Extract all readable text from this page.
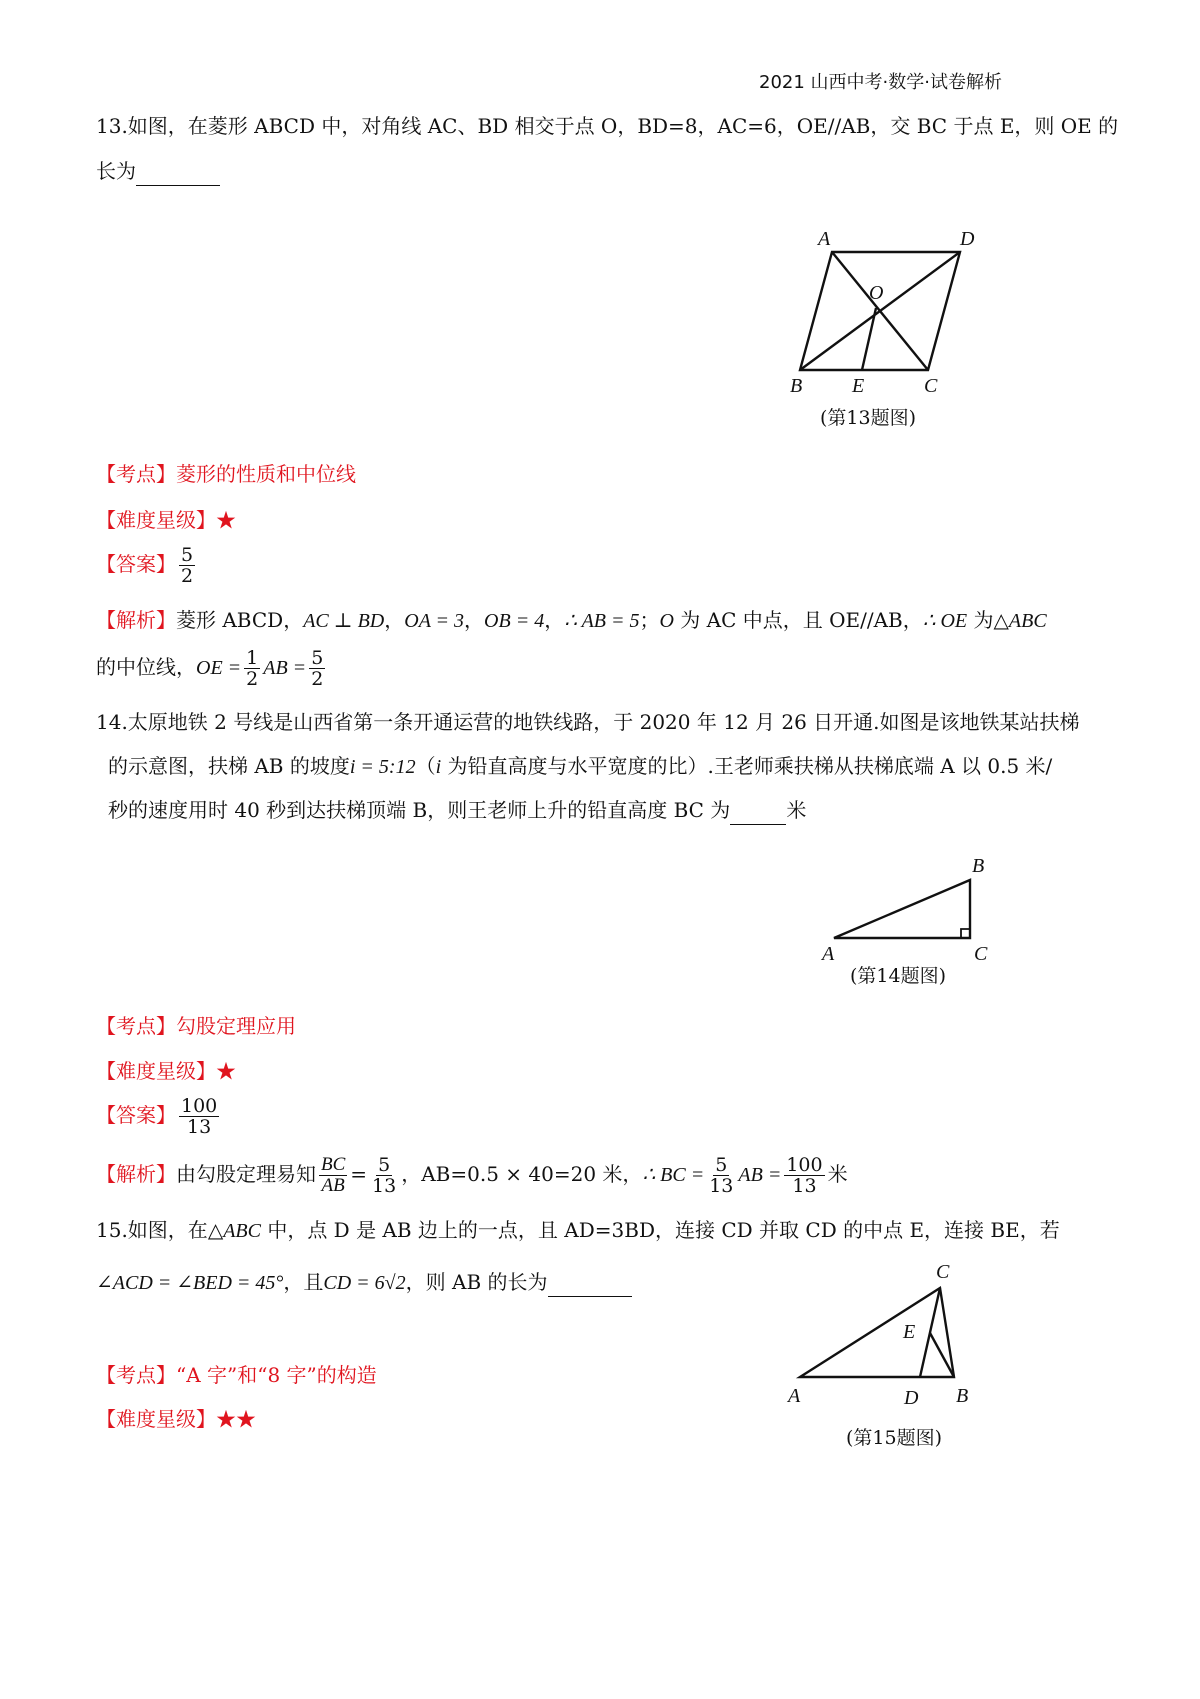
2021 山西中考·数学·试卷解析
13.如图，在菱形 ABCD 中，对角线 AC、BD 相交于点 O，BD=8，AC=6，OE//AB，交 BC 于点 E，则 OE 的
长为
A	D
O
B E	C
(第13题图)
【考点】菱形的性质和中位线
【难度星级】★
【答案】 $\frac{5}{2}$
【解析】菱形 ABCD，AC ⊥ BD，OA = 3，OB = 4，∴ AB = 5；O 为 AC 中点，且 OE//AB，∴ OE 为△ABC
的中位线，OE = $\frac{1}{2}$ AB = $\frac{5}{2}$
14.太原地铁 2 号线是山西省第一条开通运营的地铁线路，于 2020 年 12 月 26 日开通.如图是该地铁某站扶梯
的示意图，扶梯 AB 的坡度i = 5:12（i 为铅直高度与水平宽度的比）.王老师乘扶梯从扶梯底端 A 以 0.5 米/
秒的速度用时 40 秒到达扶梯顶端 B，则王老师上升的铅直高度 BC 为	米
A
B
C
(第14题图)
【考点】勾股定理应用
【难度星级】★
【答案】 $\frac{100}{13}$
【解析】由勾股定理易知 $\frac{BC}{AB} = \frac{5}{13}$ ，AB=0.5 × 40=20 米，∴ BC = $\frac{5}{13}$ AB = $\frac{100}{13}$ 米
15.如图，在△ABC 中，点 D 是 AB 边上的一点，且 AD=3BD，连接 CD 并取 CD 的中点 E，连接 BE，若
∠ACD = ∠BED = 45°，且CD = 6√2，则 AB 的长为
A
C
E
D B
(第15题图)
【考点】“A 字”和“8 字”的构造
【难度星级】★★
